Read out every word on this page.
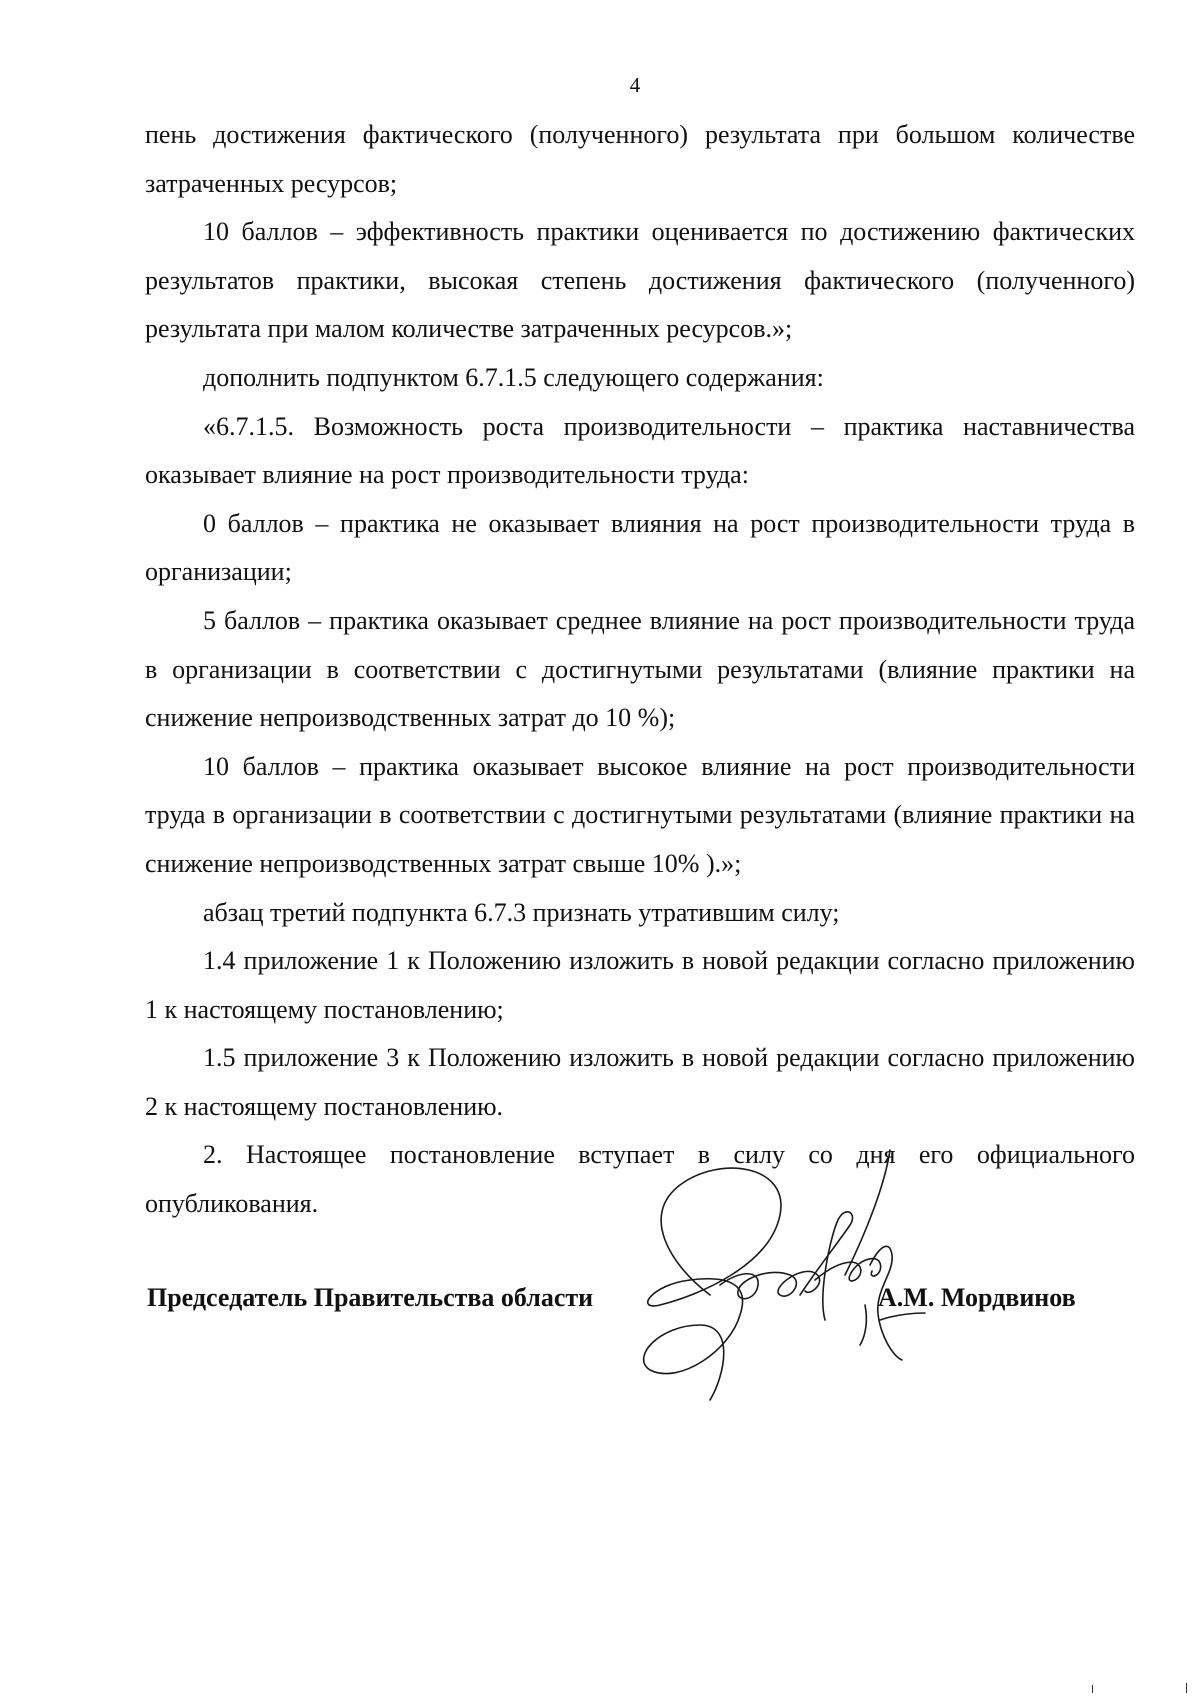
4

пень достижения фактического (полученного) результата при большом количестве затраченных ресурсов;

10 баллов – эффективность практики оценивается по достижению фактических результатов практики, высокая степень достижения фактического (полученного) результата при малом количестве затраченных ресурсов.»;

дополнить подпунктом 6.7.1.5 следующего содержания:

«6.7.1.5. Возможность роста производительности – практика наставничества оказывает влияние на рост производительности труда:

0 баллов – практика не оказывает влияния на рост производительности труда в организации;

5 баллов – практика оказывает среднее влияние на рост производительности труда в организации в соответствии с достигнутыми результатами (влияние практики на снижение непроизводственных затрат до 10 %);

10 баллов – практика оказывает высокое влияние на рост производительности труда в организации в соответствии с достигнутыми результатами (влияние практики на снижение непроизводственных затрат свыше 10% ).»;

абзац третий подпункта 6.7.3 признать утратившим силу;

1.4 приложение 1 к Положению изложить в новой редакции согласно приложению 1 к настоящему постановлению;

1.5 приложение 3 к Положению изложить в новой редакции согласно приложению 2 к настоящему постановлению.

2. Настоящее постановление вступает в силу со дня его официального опубликования.

Председатель Правительства области	А.М. Мордвинов
